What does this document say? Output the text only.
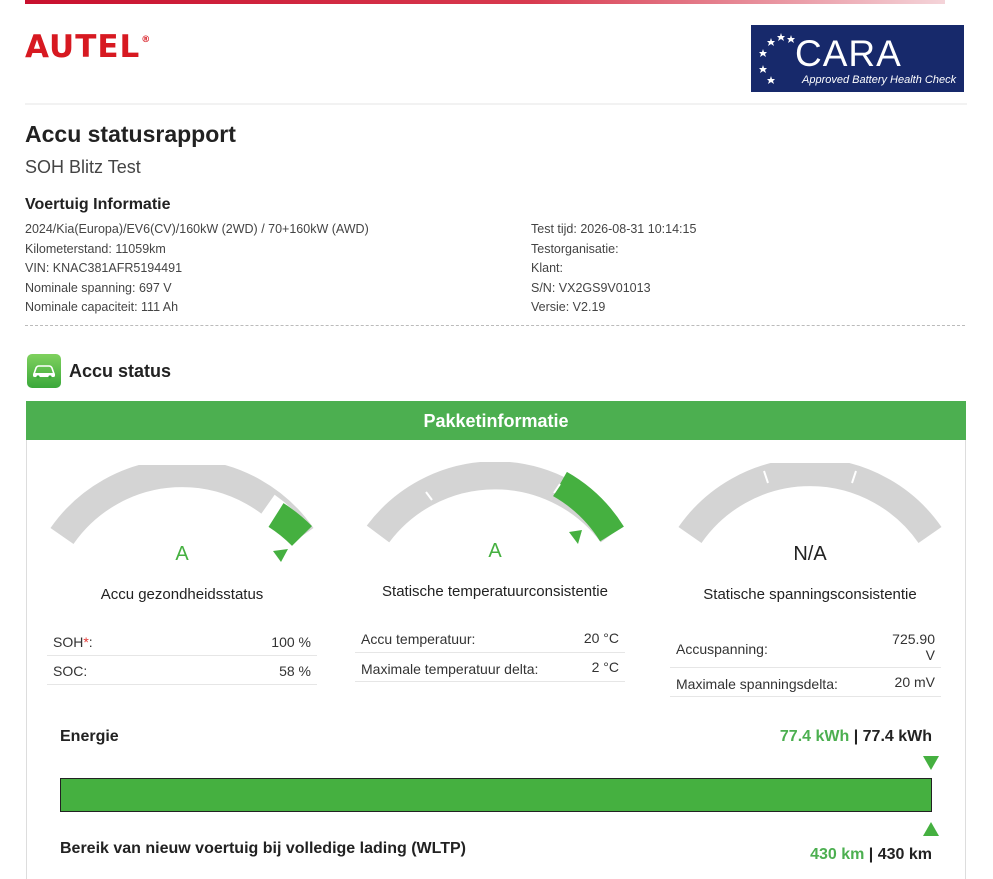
AUTEL®	CARA
Approved Battery Health Check
Accu statusrapport
SOH Blitz Test
Voertuig Informatie
2024/Kia(Europa)/EV6(CV)/160kW (2WD) / 70+160kW (AWD)
Kilometerstand: 11059km
VIN: KNAC381AFR5194491
Nominale spanning: 697 V
Nominale capaciteit: 111 Ah
Test tijd: 2026-08-31 10:14:15
Testorganisatie:
Klant:
S/N: VX2GS9V01013
Versie: V2.19
Accu status
Pakketinformatie
A
Accu gezondheidsstatus
A
Statische temperatuurconsistentie
N/A
Statische spanningsconsistentie
SOH*:	100 %
SOC:	58 %
Accu temperatuur:	20 °C
Maximale temperatuur delta:	2 °C
Accuspanning:
725.90 V
Maximale spanningsdelta:	20 mV
Energie	77.4 kWh | 77.4 kWh
Bereik van nieuw voertuig bij volledige lading (WLTP)	430 km | 430 km
